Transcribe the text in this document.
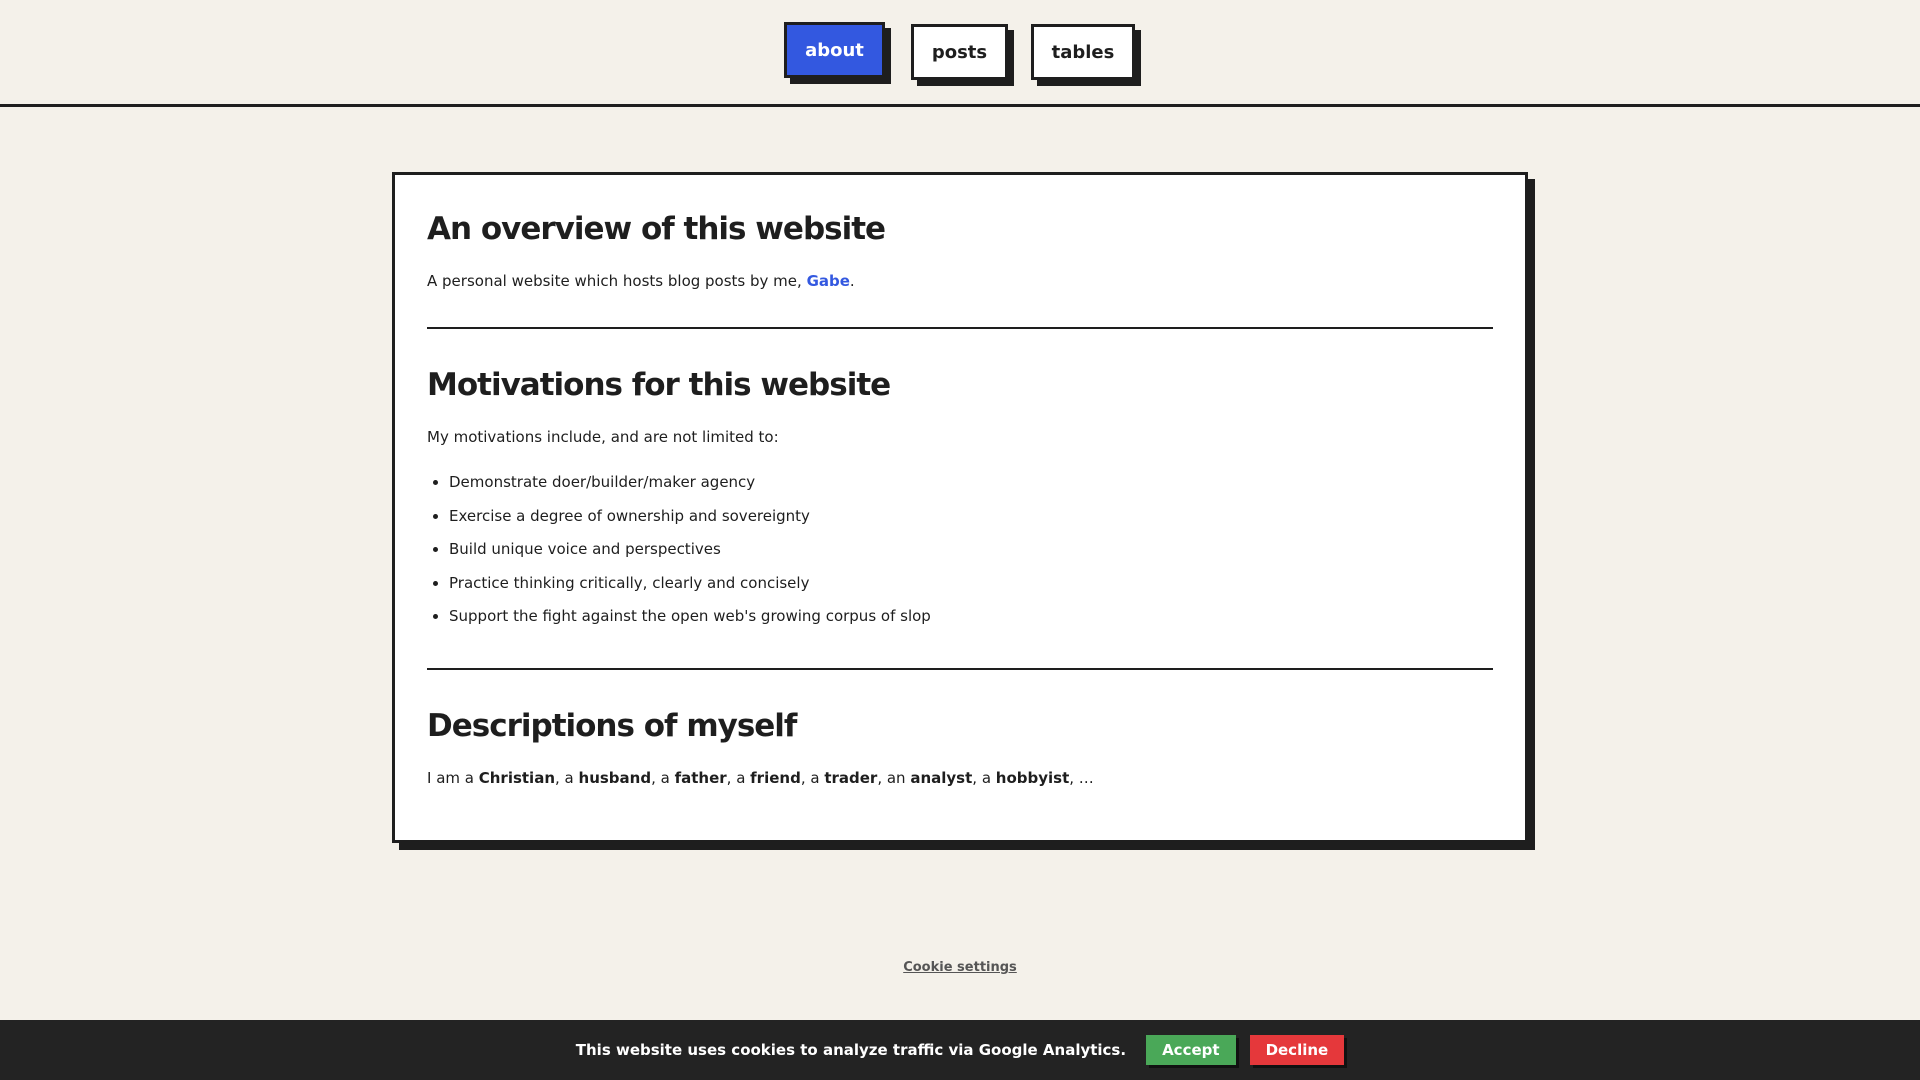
about	posts	tables
An overview of this website

A personal website which hosts blog posts by me, Gabe.

Motivations for this website

My motivations include, and are not limited to:

• Demonstrate doer/builder/maker agency
• Exercise a degree of ownership and sovereignty
• Build unique voice and perspectives
• Practice thinking critically, clearly and concisely
• Support the fight against the open web's growing corpus of slop
Descriptions of myself

I am a Christian, a husband, a father, a friend, a trader, an analyst, a hobbyist, …

Cookie settings
This website uses cookies to analyze traffic via Google Analytics.	Accept	Decline
